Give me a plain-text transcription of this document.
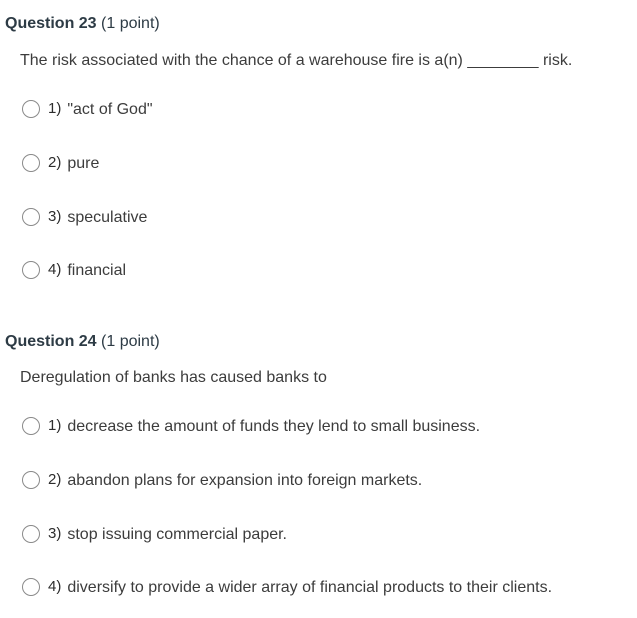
Question 23 (1 point)
The risk associated with the chance of a warehouse fire is a(n) ________ risk.
1) "act of God"
2) pure
3) speculative
4) financial
Question 24 (1 point)
Deregulation of banks has caused banks to
1) decrease the amount of funds they lend to small business.
2) abandon plans for expansion into foreign markets.
3) stop issuing commercial paper.
4) diversify to provide a wider array of financial products to their clients.
